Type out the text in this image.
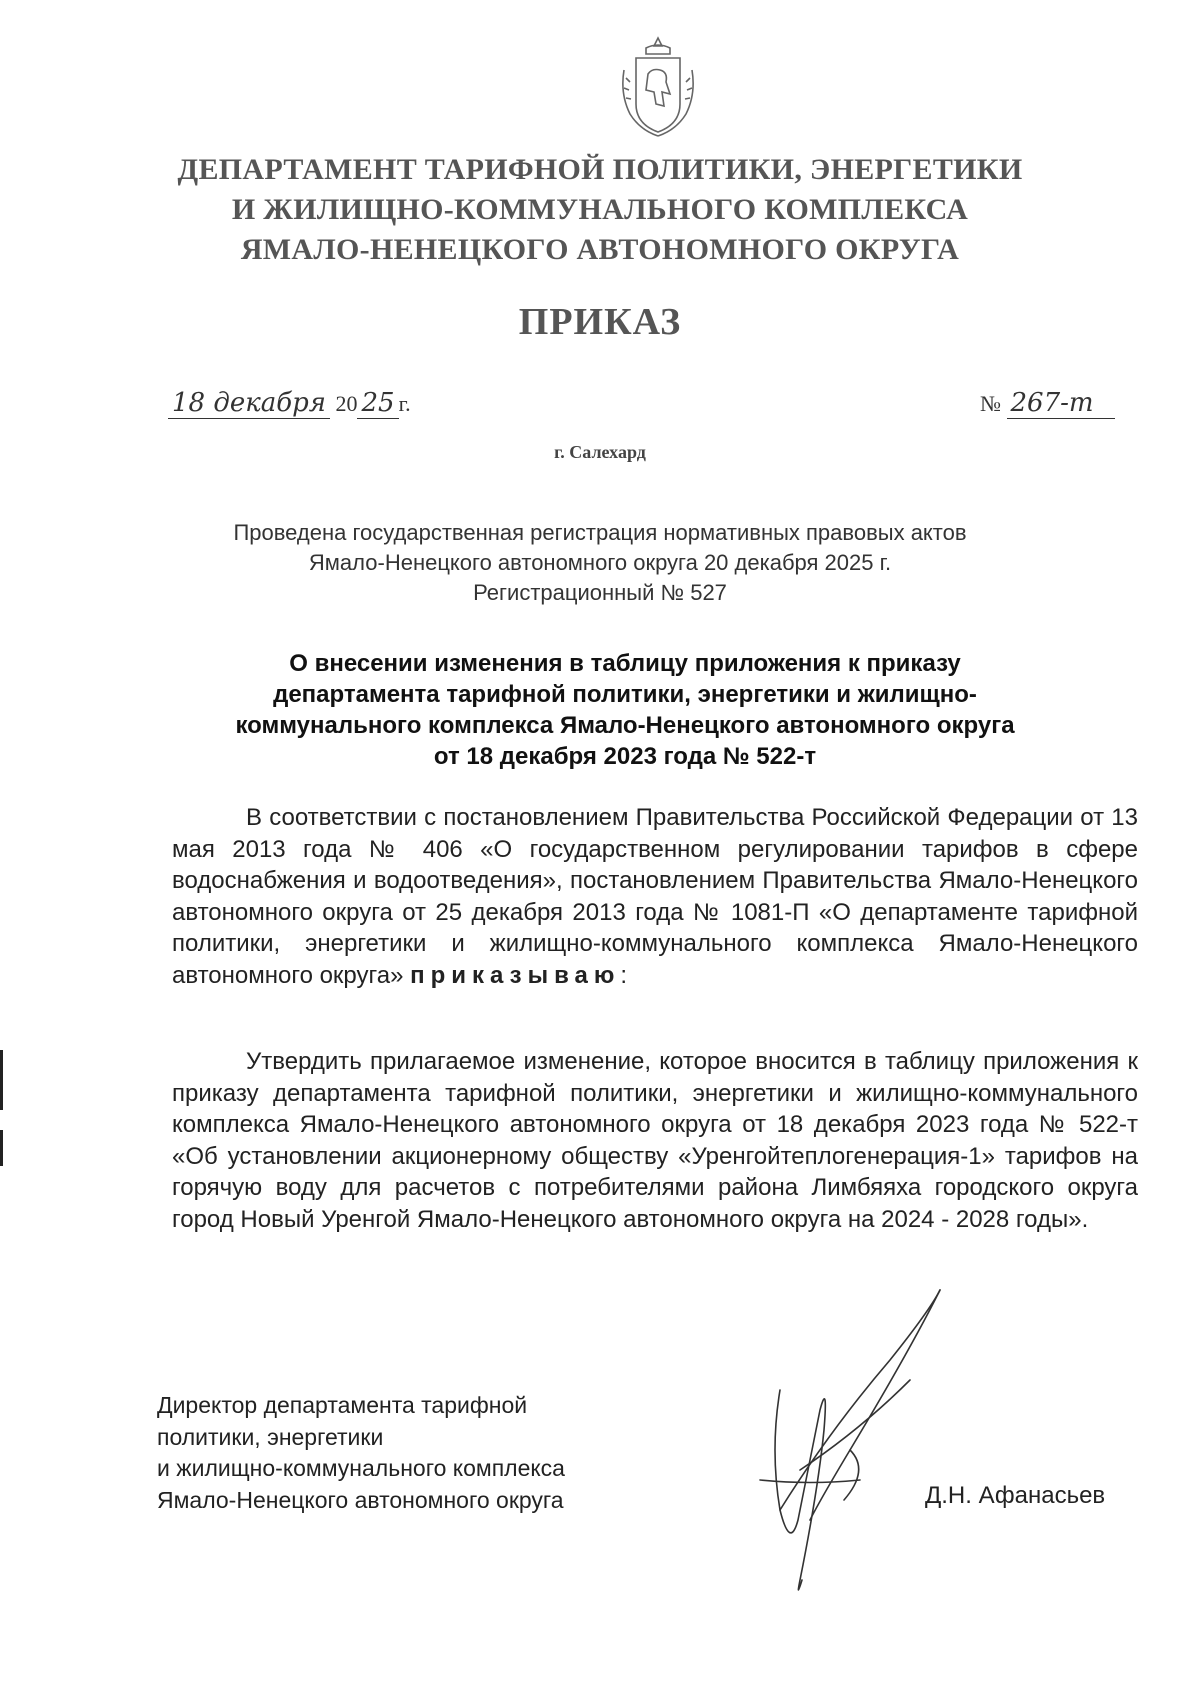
ДЕПАРТАМЕНТ ТАРИФНОЙ ПОЛИТИКИ, ЭНЕРГЕТИКИ
И ЖИЛИЩНО-КОММУНАЛЬНОГО КОМПЛЕКСА
ЯМАЛО-НЕНЕЦКОГО АВТОНОМНОГО ОКРУГА
ПРИКАЗ
18 декабря 20 25 г.	№ 267-т
г. Салехард
Проведена государственная регистрация нормативных правовых актов
Ямало-Ненецкого автономного округа 20 декабря 2025 г.
Регистрационный № 527
О внесении изменения в таблицу приложения к приказу
департамента тарифной политики, энергетики и жилищно-
коммунального комплекса Ямало-Ненецкого автономного округа
от 18 декабря 2023 года № 522-т
В соответствии с постановлением Правительства Российской Федерации от 13 мая 2013 года № 406 «О государственном регулировании тарифов в сфере водоснабжения и водоотведения», постановлением Правительства Ямало-Ненецкого автономного округа от 25 декабря 2013 года № 1081-П «О департаменте тарифной политики, энергетики и жилищно-коммунального комплекса Ямало-Ненецкого автономного округа» приказываю:
Утвердить прилагаемое изменение, которое вносится в таблицу приложения к приказу департамента тарифной политики, энергетики и жилищно-коммунального комплекса Ямало-Ненецкого автономного округа от 18 декабря 2023 года № 522-т «Об установлении акционерному обществу «Уренгойтеплогенерация-1» тарифов на горячую воду для расчетов с потребителями района Лимбяяха городского округа город Новый Уренгой Ямало-Ненецкого автономного округа на 2024 - 2028 годы».
Директор департамента тарифной
политики, энергетики
и жилищно-коммунального комплекса
Ямало-Ненецкого автономного округа	Д.Н. Афанасьев
